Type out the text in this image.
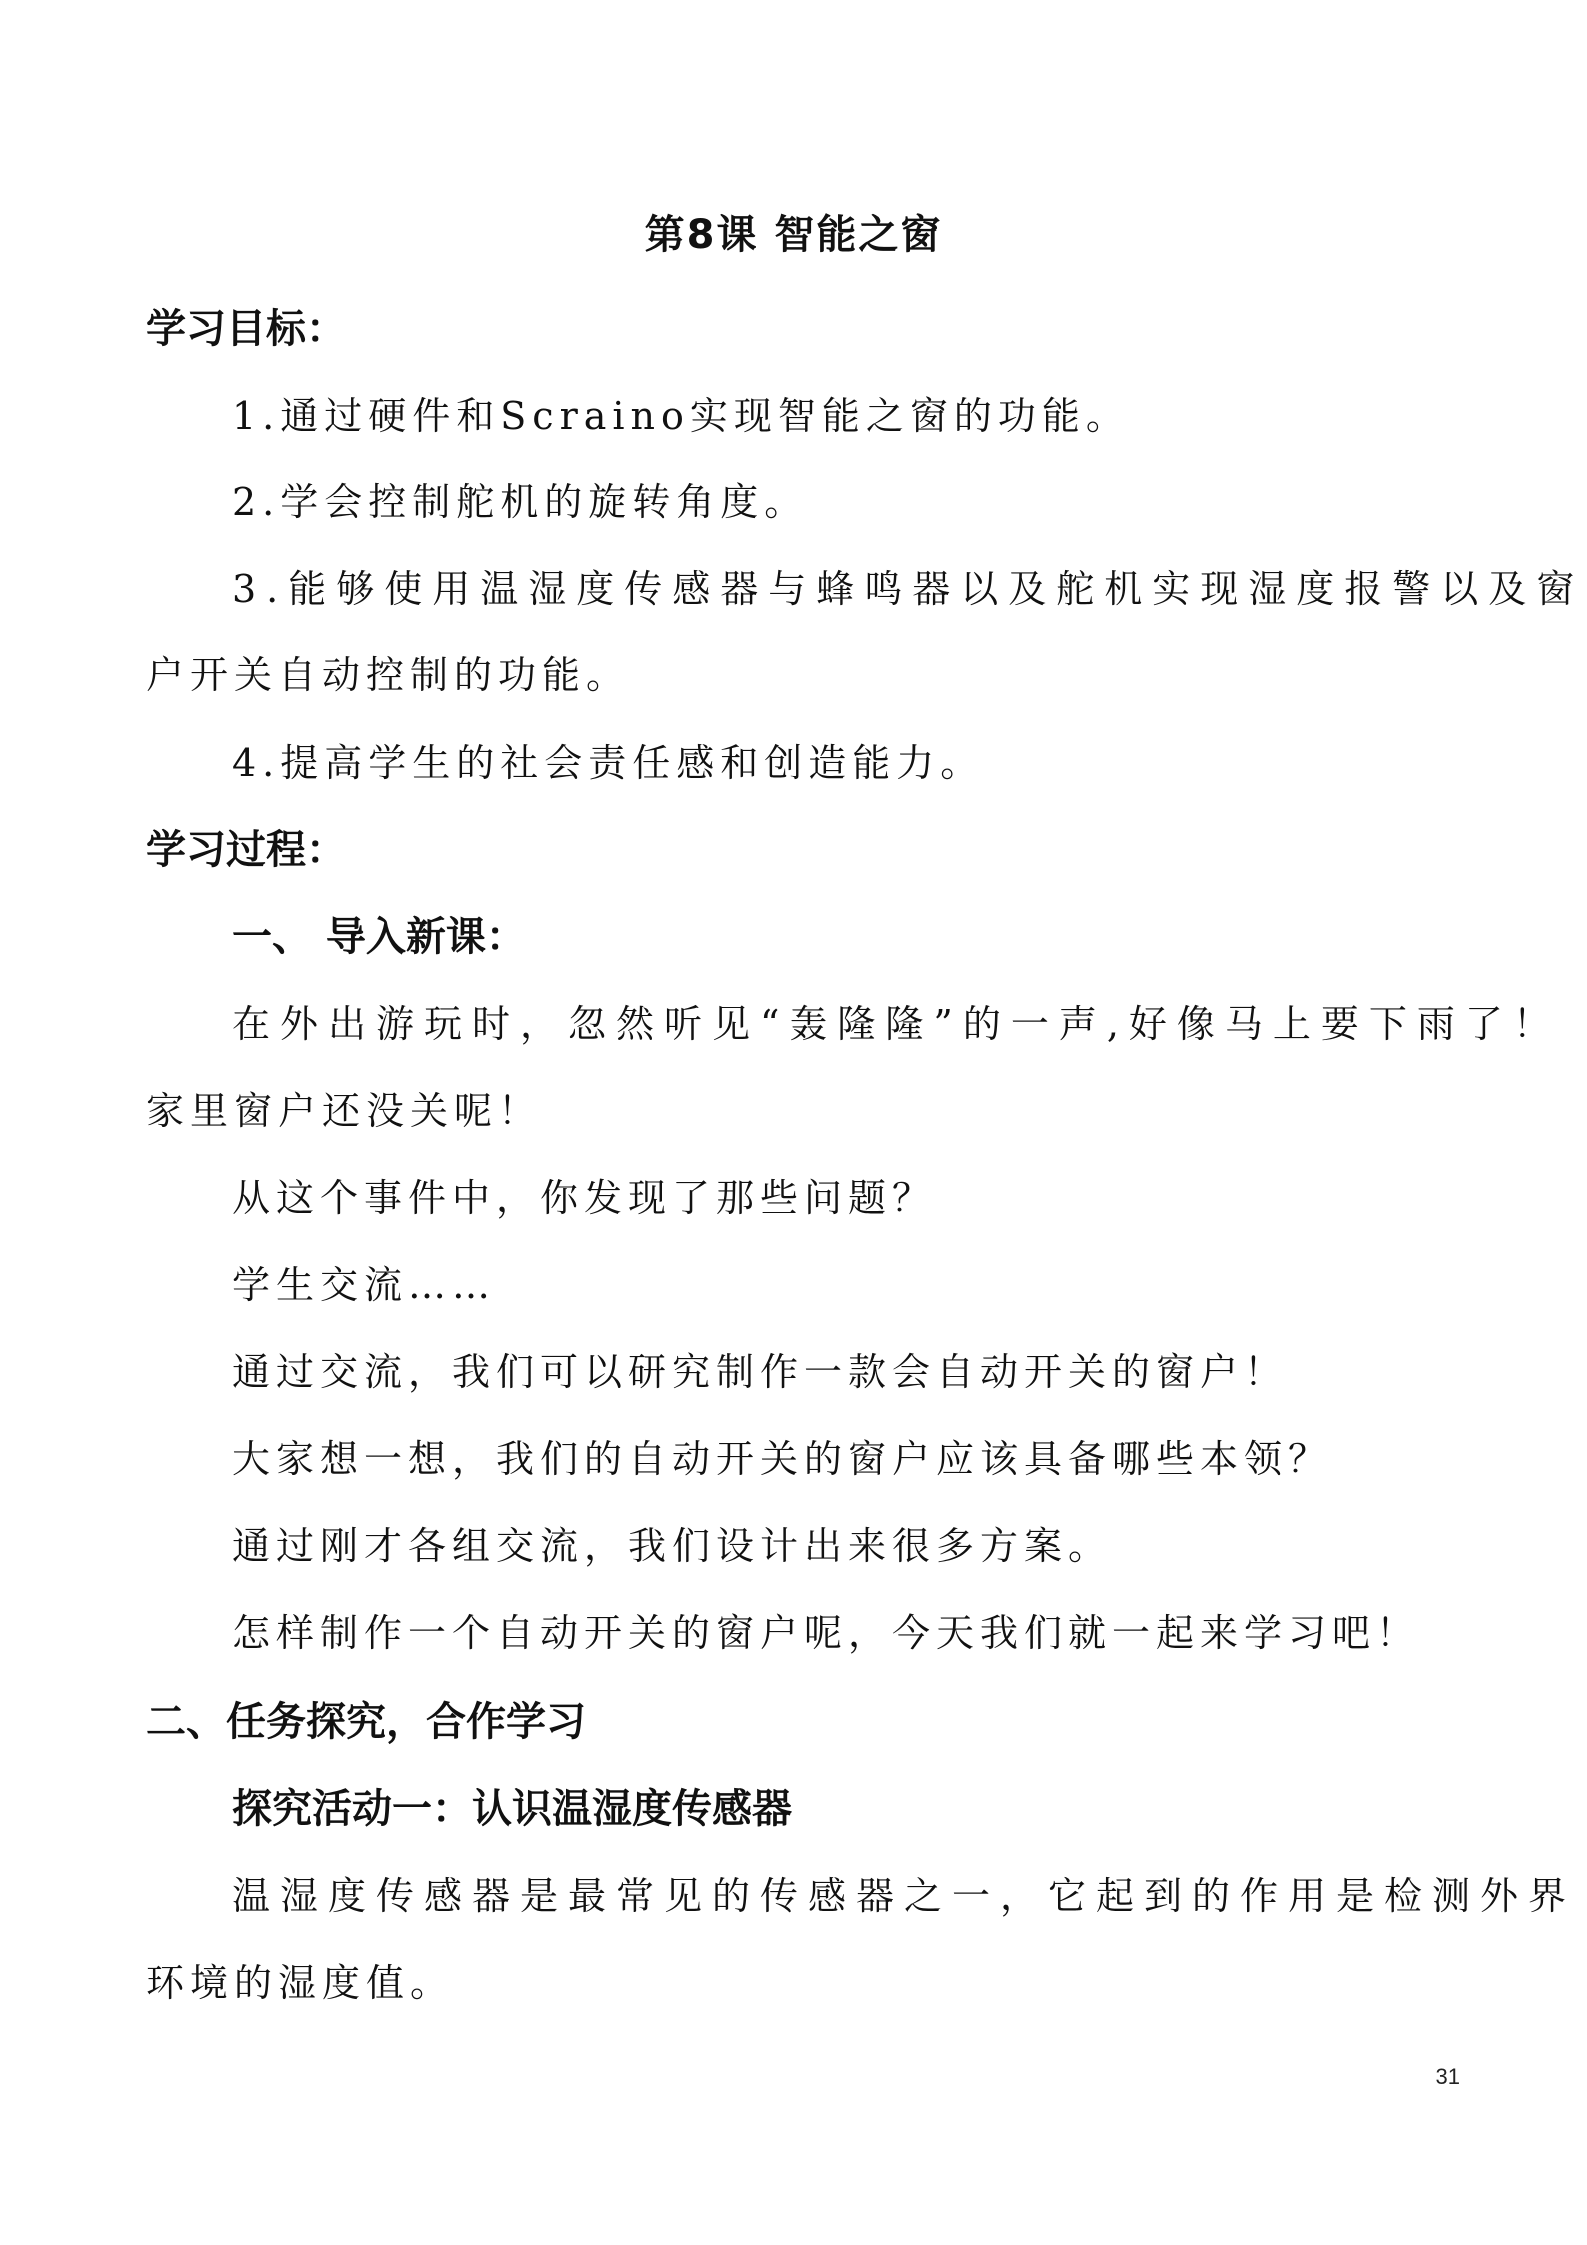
第8课 智能之窗
学习目标：
1.通过硬件和Scraino实现智能之窗的功能。
2.学会控制舵机的旋转角度。
3.能够使用温湿度传感器与蜂鸣器以及舵机实现湿度报警以及窗
户开关自动控制的功能。
4.提高学生的社会责任感和创造能力。
学习过程：
一、 导入新课：
在外出游玩时，忽然听见“轰隆隆”的一声,好像马上要下雨了！
家里窗户还没关呢！
从这个事件中，你发现了那些问题？
学生交流……
通过交流，我们可以研究制作一款会自动开关的窗户！
大家想一想，我们的自动开关的窗户应该具备哪些本领？
通过刚才各组交流，我们设计出来很多方案。
怎样制作一个自动开关的窗户呢，今天我们就一起来学习吧！
二、任务探究，合作学习
探究活动一：认识温湿度传感器
温湿度传感器是最常见的传感器之一，它起到的作用是检测外界
环境的湿度值。
31
